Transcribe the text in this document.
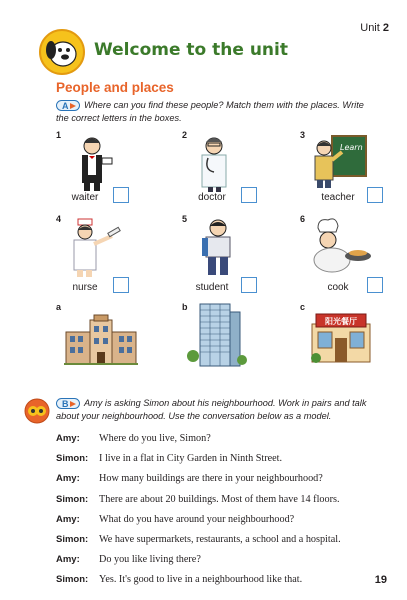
Unit 2
Welcome to the unit
People and places
A Where can you find these people? Match them with the places. Write the correct letters in the boxes.
1	2	3
Learn
waiter	doctor	teacher
4	5	6
nurse	student	cook
a	b	c
阳光餐厅
B Amy is asking Simon about his neighbourhood. Work in pairs and talk about your neighbourhood. Use the conversation below as a model.
Amy:	Where do you live, Simon?
Simon:	I live in a flat in City Garden in Ninth Street.
Amy:	How many buildings are there in your neighbourhood?
Simon:	There are about 20 buildings. Most of them have 14 floors.
Amy:	What do you have around your neighbourhood?
Simon:	We have supermarkets, restaurants, a school and a hospital.
Amy:	Do you like living there?
Simon:	Yes. It's good to live in a neighbourhood like that.	19
